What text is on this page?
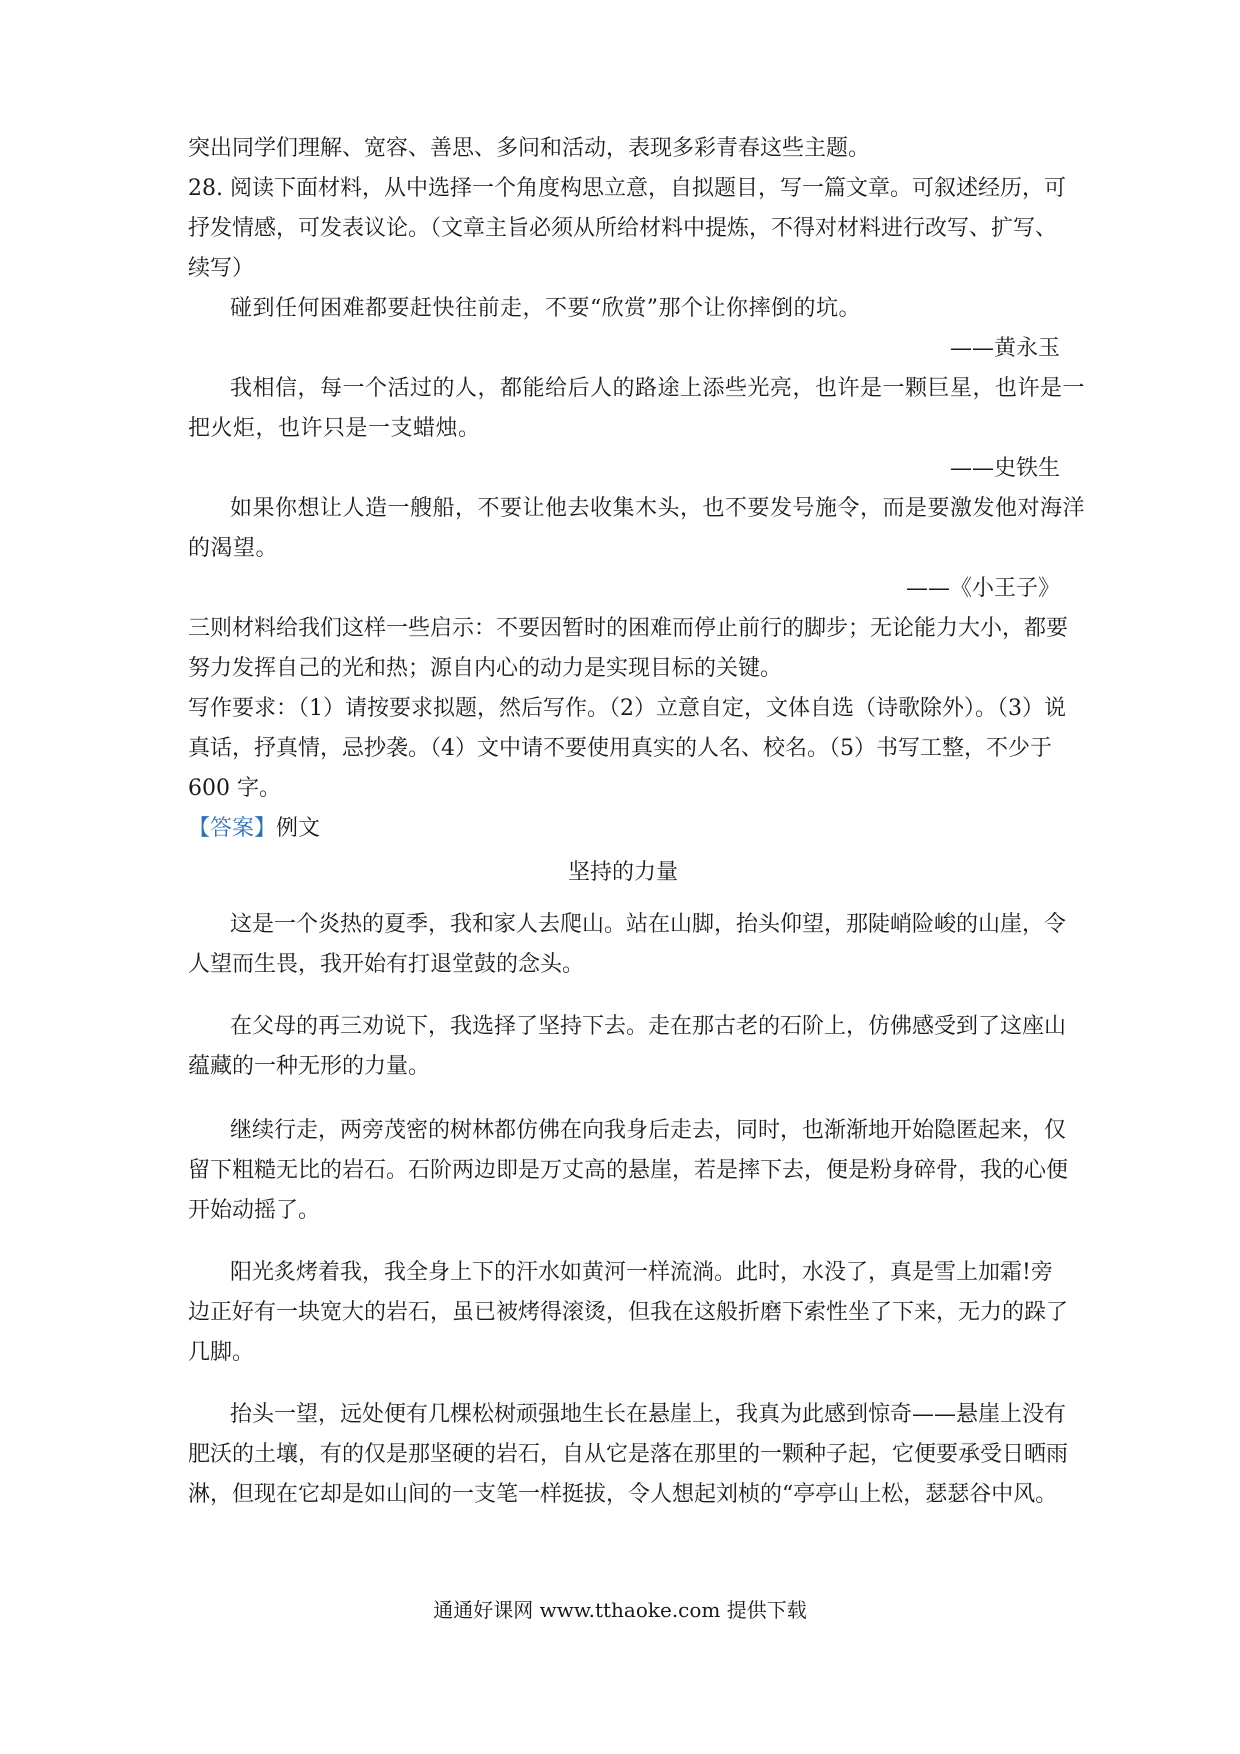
突出同学们理解、宽容、善思、多问和活动，表现多彩青春这些主题。
28. 阅读下面材料，从中选择一个角度构思立意，自拟题目，写一篇文章。可叙述经历，可
抒发情感，可发表议论。（文章主旨必须从所给材料中提炼，不得对材料进行改写、扩写、
续写）
碰到任何困难都要赶快往前走，不要“欣赏”那个让你摔倒的坑。
——黄永玉
我相信，每一个活过的人，都能给后人的路途上添些光亮，也许是一颗巨星，也许是一
把火炬，也许只是一支蜡烛。
——史铁生
如果你想让人造一艘船，不要让他去收集木头，也不要发号施令，而是要激发他对海洋
的渴望。
——《小王子》
三则材料给我们这样一些启示：不要因暂时的困难而停止前行的脚步；无论能力大小，都要
努力发挥自己的光和热；源自内心的动力是实现目标的关键。
写作要求：（1）请按要求拟题，然后写作。（2）立意自定，文体自选（诗歌除外）。（3）说
真话，抒真情，忌抄袭。（4）文中请不要使用真实的人名、校名。（5）书写工整，不少于
600 字。
【答案】例文
坚持的力量
这是一个炎热的夏季，我和家人去爬山。站在山脚，抬头仰望，那陡峭险峻的山崖，令
人望而生畏，我开始有打退堂鼓的念头。
在父母的再三劝说下，我选择了坚持下去。走在那古老的石阶上，仿佛感受到了这座山
蕴藏的一种无形的力量。
继续行走，两旁茂密的树林都仿佛在向我身后走去，同时，也渐渐地开始隐匿起来，仅
留下粗糙无比的岩石。石阶两边即是万丈高的悬崖，若是摔下去，便是粉身碎骨，我的心便
开始动摇了。
阳光炙烤着我，我全身上下的汗水如黄河一样流淌。此时，水没了，真是雪上加霜!旁
边正好有一块宽大的岩石，虽已被烤得滚烫，但我在这般折磨下索性坐了下来，无力的跺了
几脚。
抬头一望，远处便有几棵松树顽强地生长在悬崖上，我真为此感到惊奇——悬崖上没有
肥沃的土壤，有的仅是那坚硬的岩石，自从它是落在那里的一颗种子起，它便要承受日晒雨
淋，但现在它却是如山间的一支笔一样挺拔，令人想起刘桢的“亭亭山上松，瑟瑟谷中风。
通通好课网 www.tthaoke.com 提供下载
